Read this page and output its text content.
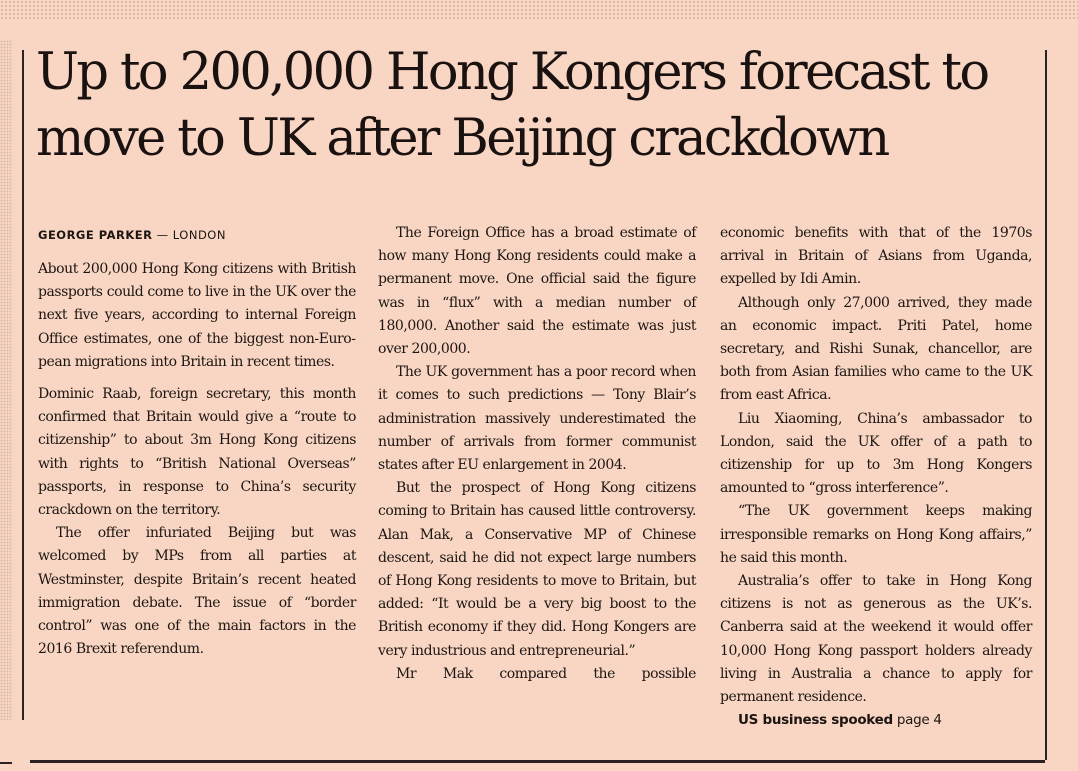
Up to 200,000 Hong Kongers forecast to move to UK after Beijing crackdown
GEORGE PARKER — LONDON

About 200,000 Hong Kong citizens with British passports could come to live in the UK over the next five years, according to internal Foreign Office estimates, one of the biggest non-European migrations into Britain in recent times.

Dominic Raab, foreign secretary, this month confirmed that Britain would give a “route to citizenship” to about 3m Hong Kong citizens with rights to “British National Overseas” passports, in response to China’s security crackdown on the territory.

The offer infuriated Beijing but was welcomed by MPs from all parties at Westminster, despite Britain’s recent heated immigration debate. The issue of “border control” was one of the main factors in the 2016 Brexit referendum.

The Foreign Office has a broad estimate of how many Hong Kong residents could make a permanent move. One official said the figure was in “flux” with a median number of 180,000. Another said the estimate was just over 200,000.

The UK government has a poor record when it comes to such predictions — Tony Blair’s administration massively underestimated the number of arrivals from former communist states after EU enlargement in 2004.

But the prospect of Hong Kong citizens coming to Britain has caused little controversy. Alan Mak, a Conservative MP of Chinese descent, said he did not expect large numbers of Hong Kong residents to move to Britain, but added: “It would be a very big boost to the British economy if they did. Hong Kongers are very industrious and entrepreneurial.”

Mr Mak compared the possible

economic benefits with that of the 1970s arrival in Britain of Asians from Uganda, expelled by Idi Amin.

Although only 27,000 arrived, they made an economic impact. Priti Patel, home secretary, and Rishi Sunak, chancellor, are both from Asian families who came to the UK from east Africa.

Liu Xiaoming, China’s ambassador to London, said the UK offer of a path to citizenship for up to 3m Hong Kongers amounted to “gross interference”.

“The UK government keeps making irresponsible remarks on Hong Kong affairs,” he said this month.

Australia’s offer to take in Hong Kong citizens is not as generous as the UK’s. Canberra said at the weekend it would offer 10,000 Hong Kong passport holders already living in Australia a chance to apply for permanent residence.

US business spooked page 4
